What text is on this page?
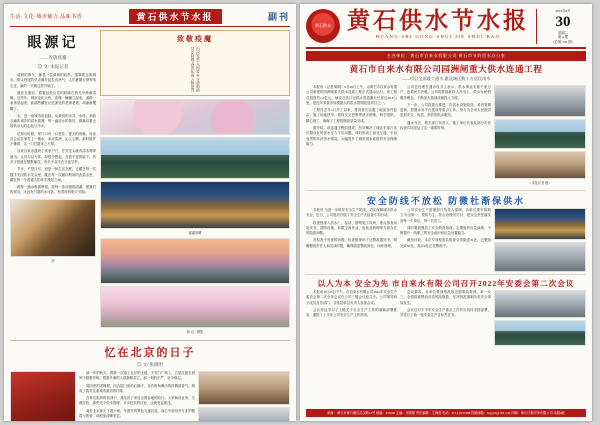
生活·文化·城市魅力 品味书香	黄石供水节水报	副刊
眼源记
——致敬疫魔
◎ 文/ 本报记者

清晨的雾气，像是一层薄薄的轻纱，笼罩着这座城市。街头巷尾的早点摊升起袅袅热气，人们裹紧衣领匆匆走过，新的一天就这样开始了。

我站在窗前，看着远处山峦的轮廓在晨光中渐渐清晰。这些年，城市变化太快，高楼一幢幢立起来，道路一条条宽起来，而那些藏在记忆深处的老街老巷，却渐渐模糊了。

水，是一座城市的血脉。从最初的水井、水塔，到如今遍布城乡的供水管网，每一滴清水的背后，都凝结着无数供水人的心血与汗水。

记得小时候，家门口有一口老井。夏天的傍晚，母亲总会从井里打上一桶水，冰凉清冽，沁人心脾。那时候并不懂得，这一口甘甜来之不易。

后来自来水通到了家家户户，拧开龙头就有清水哗哗流出。人们习以为常，却很少想起，在看不见的地下，有多少管道在默默输送，有多少双手在日夜守护。

节水，不是口号，而是一种生活态度。它藏在每一次随手关闭的水龙头里，藏在每一次循环利用的洗菜水里，藏在每一个普通人的举手投足之间。

愿每一滴水都被珍惜，愿每一条河流都清澈，愿我们的城市，永远有甘甜的水可饮，有美好的明天可期。

虎
致敬疫魔
山河无恙 人间皆安 守望相助 共克时艰 春风化雨 万物复苏
磁湖晨曦
林 记／摄影
忆在北京的日子
◎ 文/ 张晓明

那一年的秋天，我第一次踏上北京的土地。天安门广场上，五星红旗在晨风中猎猎作响，观看升旗的人群静默肃立，那一刻的庄严，至今难忘。

胡同里的老槐树，四合院门前的石狮子，还有街角飘出的炸酱面香气，构成了我对这座城市最初的印象。

在单位组织的培训中，我结识了来自全国各地的同行。大家畅谈业务、交流经验，那些关于供水管理、节水技术的讨论，让我受益匪浅。

离开北京那天下着小雨。车窗外的景色飞速后退，而心中那份对专业的敬畏与热爱，却愈加清晰坚定。

黄石供水 黄石供水节水报
HUANG SHI GONG SHUI JIE SHUI BAO
2022年8月
30
星期二
第 4 期
（总第 378 期）
主办单位：黄石市自来水有限公司 黄石市节约用水办公室
黄石市自来水有限公司园洲闸重大供水连通工程
——项目全面竣工通水 惠及城区数十万居民用水

本报讯（记者 陈明）8月28日上午，由黄石市自来水有限公司承建的园洲闸重大供水连通工程正式通水运行。该工程总投资约1.2亿元，铺设各类口径供水管道累计长度达26.8公里，是近年来我市规模最大的供水管网改造项目之一。

工程自去年3月开工以来，建设者们克服了地质条件复杂、施工场地狭窄、管线交叉密集等诸多困难，科学组织、精心施工，确保了工程按期高质量完成。

据介绍，该连通工程的建成，有效解决了城区东部片区长期存在的供水压力不足问题，同时形成了南北互通、东西连贯的环状供水格局，大幅提升了城市供水系统的安全保障能力。

公司总经理在通水仪式上表示，供水事业关系千家万户，连着民生冷暖。公司将继续秉持'人民至上、供水为民'的服务理念，不断加大基础设施投入力度。

下一步，公司将重点推进二次供水设施改造、老旧管网更新、智慧水务平台建设等重点工作，努力为全市人民提供更加安全、优质、高效的供水服务。

通水当天，相关部门负责人、施工单位代表及部分市民代表共同见证了这一重要时刻。

（本报记者 摄）
安全防线不放松 防微杜渐保供水

本报讯 为进一步筑牢安全生产防线，切实保障城市供水安全，近日，公司组织开展了安全生产大检查专项行动。

检查组深入各水厂、泵站、管网施工现场，重点排查用电安全、消防设施、有限空间作业、危化品管理等方面存在的隐患问题。

对检查中发现的问题，检查组现场下达整改通知书，明确整改责任人和完成时限，确保隐患整改到位、闭环管理。

公司安全生产管理部门负责人强调，各单位要牢固树立'安全第一、预防为主、综合治理'的方针，把安全责任落实到每一个岗位、每一名员工。

同时要加强员工安全教育培训，定期组织应急演练，不断提升一线职工的安全意识和应急处置能力。

截至目前，本次专项检查共排查各类隐患32处，已整改完成30处，其余2处正在整改中。

以人为本 安全为先 市自来水有限公司召开2022年安委会第二次会议

本报讯 8月25日下午，市自来水有限公司2022年安全生产委员会第二次全体会议在公司三楼会议室召开。公司领导班子成员及各部门、各基层单位负责人参加会议。

会议传达学习了上级关于安全生产工作的最新部署要求，通报了上半年公司安全生产工作情况。

会议要求，各单位要深刻汲取近期事故教训，举一反三，全面排查整治各类风险隐患，坚决防范遏制各类安全事故发生。

会议还对下半年安全生产重点工作作出具体安排部署，并签订了新一轮安全生产目标责任书。

地址：黄石市黄石港区武汉路12号 邮编：435000 主编：李国强 责任编辑：王海燕 电话：0714-6253388 投稿邮箱：hsgsjsb@163.com 印刷：黄石日报印务有限公司 本期4版
